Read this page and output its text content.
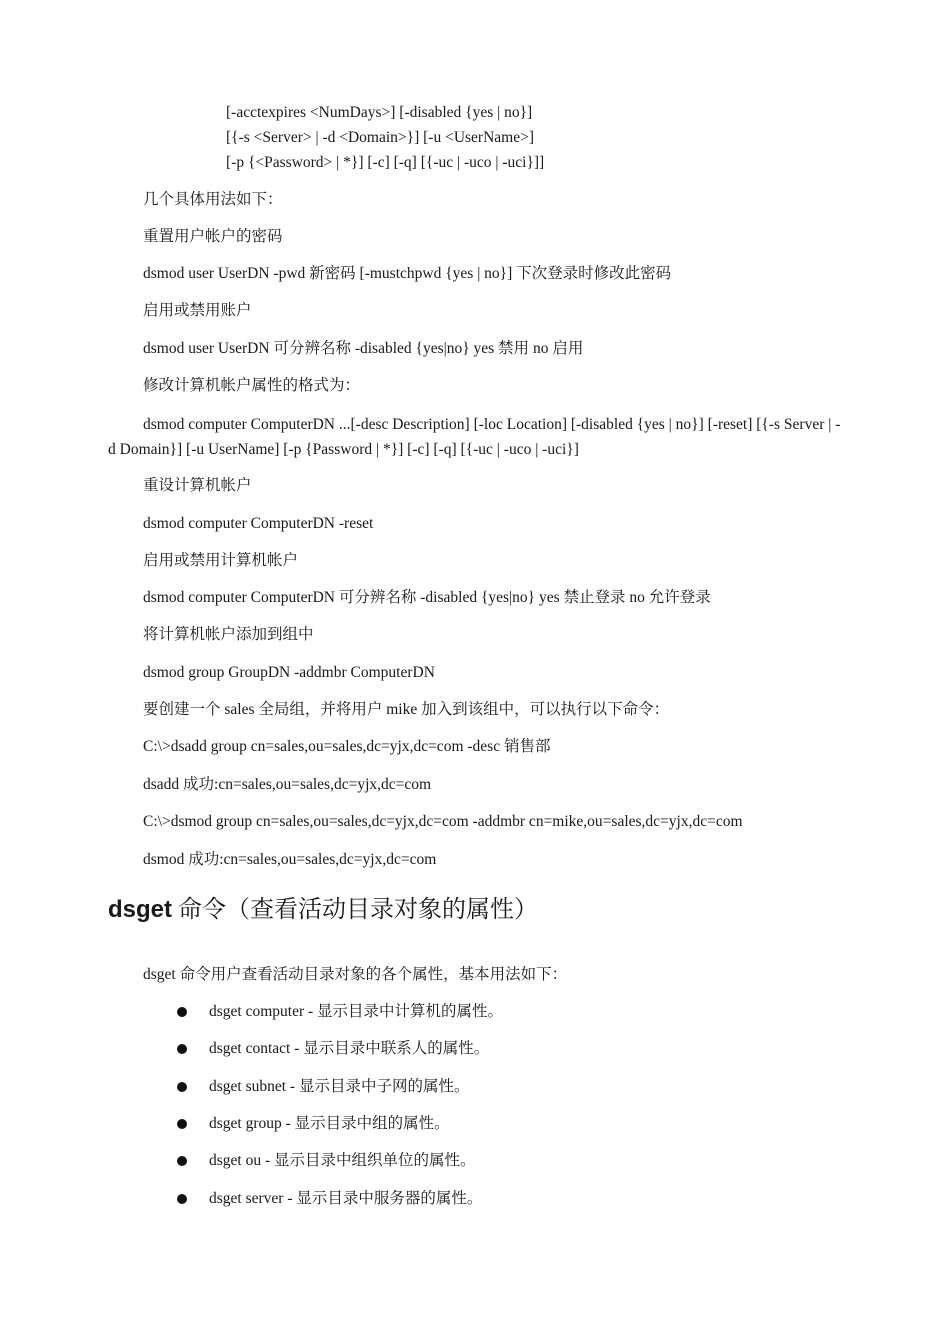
[-acctexpires <NumDays>] [-disabled {yes | no}]
[{-s <Server> | -d <Domain>}] [-u <UserName>]
[-p {<Password> | *}] [-c] [-q] [{-uc | -uco | -uci}]]
几个具体用法如下：
重置用户帐户的密码
dsmod user UserDN -pwd 新密码 [-mustchpwd {yes | no}] 下次登录时修改此密码
启用或禁用账户
dsmod user UserDN 可分辨名称 -disabled {yes|no} yes 禁用 no 启用
修改计算机帐户属性的格式为：
dsmod computer ComputerDN ...[-desc Description] [-loc Location] [-disabled {yes | no}] [-reset] [{-s Server | -d Domain}] [-u UserName] [-p {Password | *}] [-c] [-q] [{-uc | -uco | -uci}]
重设计算机帐户
dsmod computer ComputerDN -reset
启用或禁用计算机帐户
dsmod computer ComputerDN 可分辨名称 -disabled {yes|no} yes 禁止登录 no 允许登录
将计算机帐户添加到组中
dsmod group GroupDN -addmbr ComputerDN
要创建一个 sales 全局组，并将用户 mike 加入到该组中，可以执行以下命令：
C:\>dsadd group cn=sales,ou=sales,dc=yjx,dc=com -desc 销售部
dsadd 成功:cn=sales,ou=sales,dc=yjx,dc=com
C:\>dsmod group cn=sales,ou=sales,dc=yjx,dc=com -addmbr cn=mike,ou=sales,dc=yjx,dc=com
dsmod 成功:cn=sales,ou=sales,dc=yjx,dc=com
dsget 命令（查看活动目录对象的属性）
dsget 命令用户查看活动目录对象的各个属性，基本用法如下：
dsget computer - 显示目录中计算机的属性。
dsget contact - 显示目录中联系人的属性。
dsget subnet - 显示目录中子网的属性。
dsget group - 显示目录中组的属性。
dsget ou - 显示目录中组织单位的属性。
dsget server - 显示目录中服务器的属性。
